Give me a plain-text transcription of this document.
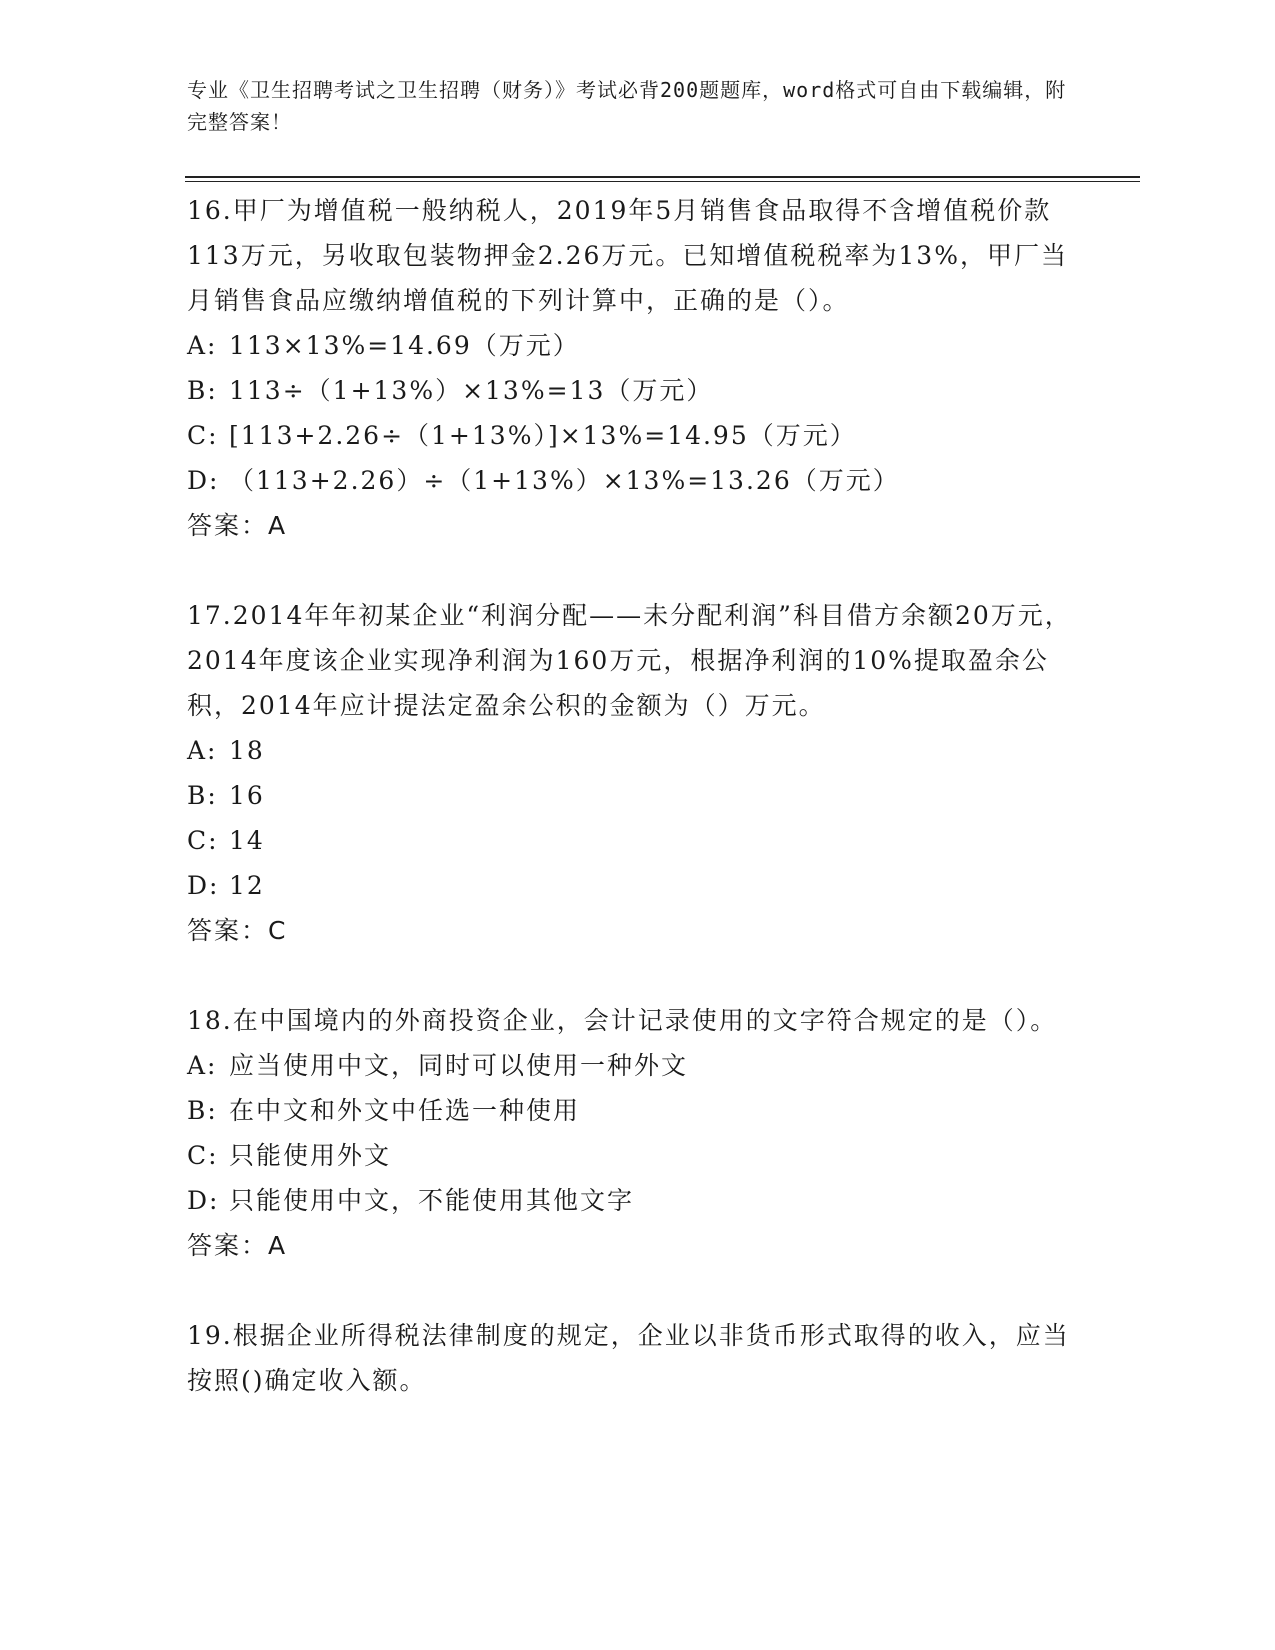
专业《卫生招聘考试之卫生招聘（财务）》考试必背200题题库，word格式可自由下载编辑，附完整答案！

16.甲厂为增值税一般纳税人，2019年5月销售食品取得不含增值税价款113万元，另收取包装物押金2.26万元。已知增值税税率为13%，甲厂当月销售食品应缴纳增值税的下列计算中，正确的是（）。

A: 113×13%=14.69（万元）

B: 113÷（1+13%）×13%=13（万元）

C: [113+2.26÷（1+13%）]×13%=14.95（万元）

D: （113+2.26）÷（1+13%）×13%=13.26（万元）

答案：A

17.2014年年初某企业“利润分配——未分配利润”科目借方余额20万元，2014年度该企业实现净利润为160万元，根据净利润的10%提取盈余公积，2014年应计提法定盈余公积的金额为（）万元。

A: 18

B: 16

C: 14

D: 12

答案：C

18.在中国境内的外商投资企业，会计记录使用的文字符合规定的是（）。

A: 应当使用中文，同时可以使用一种外文

B: 在中文和外文中任选一种使用

C: 只能使用外文

D: 只能使用中文，不能使用其他文字

答案：A

19.根据企业所得税法律制度的规定，企业以非货币形式取得的收入，应当按照()确定收入额。
